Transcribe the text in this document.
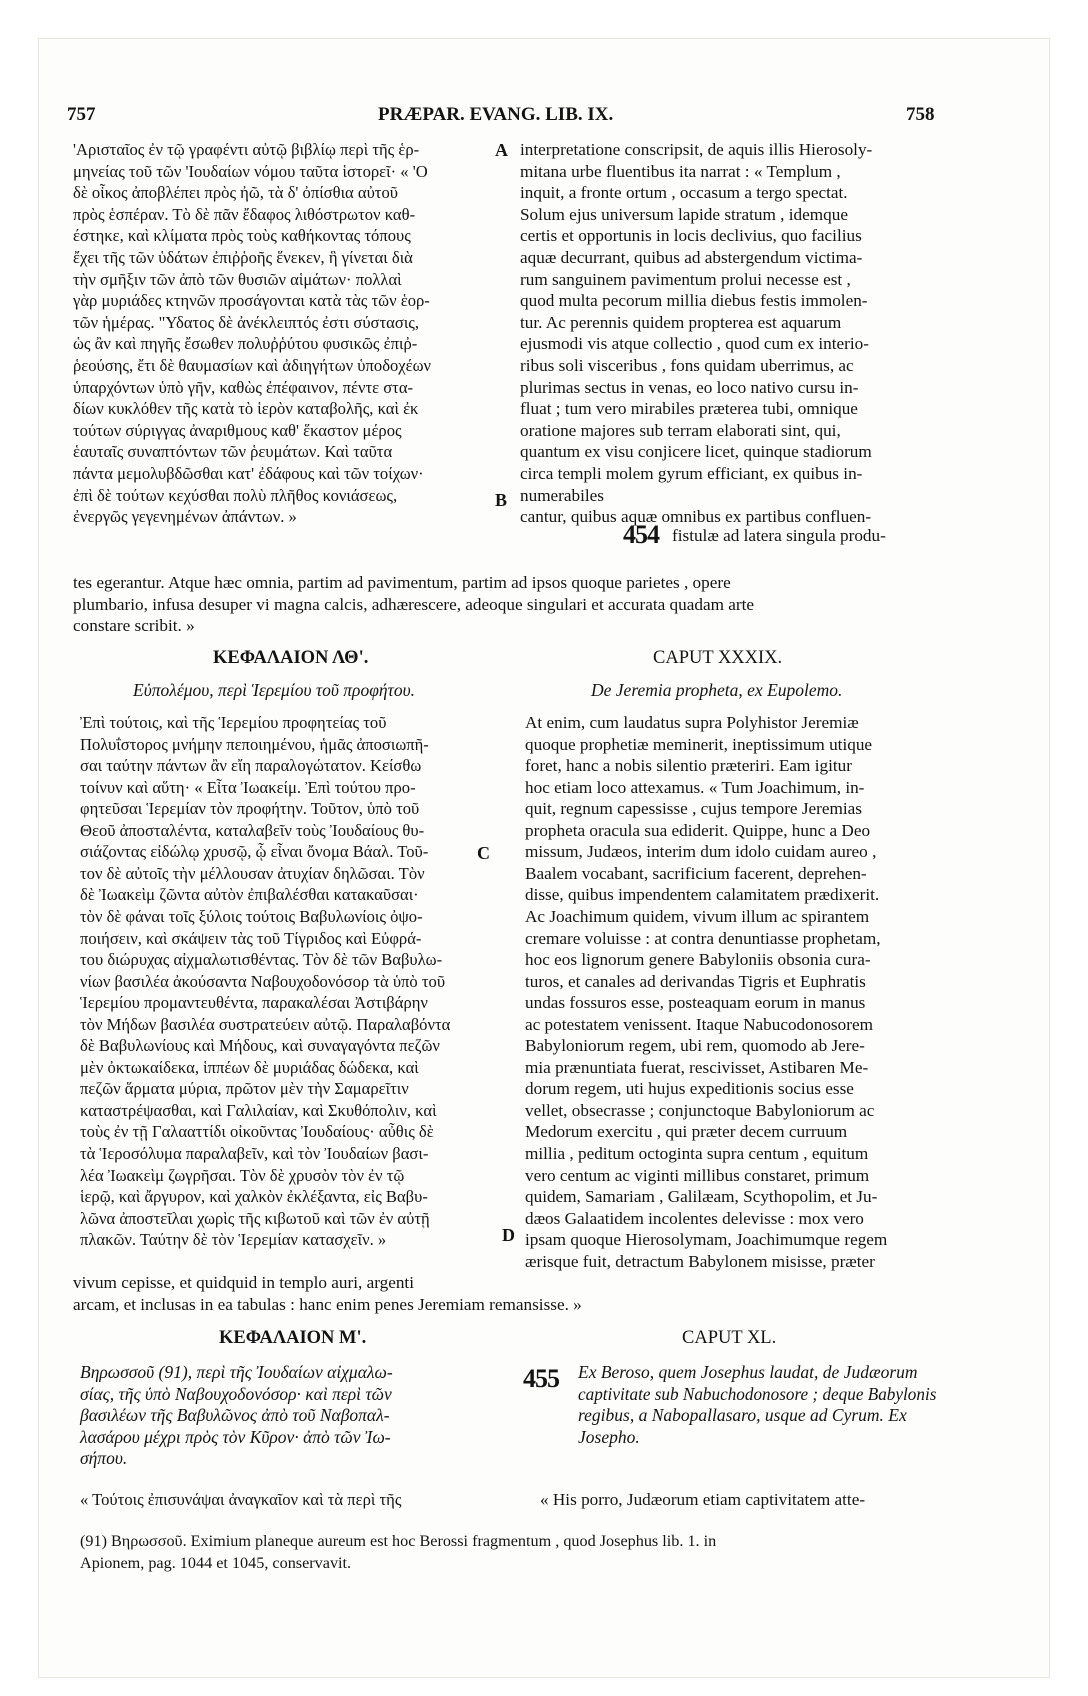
757	PRÆPAR. EVANG. LIB. IX.	758
'Αρισταῖος ἐν τῷ γραφέντι αὐτῷ βιβλίῳ περὶ τῆς ἑρ-
μηνείας τοῦ τῶν 'Ιουδαίων νόμου ταῦτα ἱστορεῖ· « 'Ο
δὲ οἶκος ἀποβλέπει πρὸς ἠῶ, τὰ δ' ὀπίσθια αὐτοῦ
πρὸς ἑσπέραν. Τὸ δὲ πᾶν ἔδαφος λιθόστρωτον καθ-
έστηκε, καὶ κλίματα πρὸς τοὺς καθήκοντας τόπους
ἔχει τῆς τῶν ὑδάτων ἐπιῤῥοῆς ἕνεκεν, ἣ γίνεται διὰ
τὴν σμῆξιν τῶν ἀπὸ τῶν θυσιῶν αἱμάτων· πολλαὶ
γὰρ μυριάδες κτηνῶν προσάγονται κατὰ τὰς τῶν ἑορ-
τῶν ἡμέρας. "Υδατος δὲ ἀνέκλειπτός ἐστι σύστασις,
ὡς ἂν καὶ πηγῆς ἔσωθεν πολυῤῥύτου φυσικῶς ἐπιῤ-
ῥεούσης, ἔτι δὲ θαυμασίων καὶ ἀδιηγήτων ὑποδοχέων
ὑπαρχόντων ὑπὸ γῆν, καθὼς ἐπέφαινον, πέντε στα-
δίων κυκλόθεν τῆς κατὰ τὸ ἱερὸν καταβολῆς, καὶ ἐκ
τούτων σύριγγας ἀναριθμους καθ' ἕκαστον μέρος
ἑαυταῖς συναπτόντων τῶν ῥευμάτων. Καὶ ταῦτα
πάντα μεμολυβδῶσθαι κατ' ἐδάφους καὶ τῶν τοίχων·
ἐπὶ δὲ τούτων κεχύσθαι πολὺ πλῆθος κονιάσεως,
ἐνεργῶς γεγενημένων ἀπάντων. »
interpretatione conscripsit, de aquis illis Hierosoly-
mitana urbe fluentibus ita narrat : « Templum ,
inquit, a fronte ortum , occasum a tergo spectat.
Solum ejus universum lapide stratum , idemque
certis et opportunis in locis declivius, quo facilius
aquæ decurrant, quibus ad abstergendum victima-
rum sanguinem pavimentum prolui necesse est ,
quod multa pecorum millia diebus festis immolen-
tur. Ac perennis quidem propterea est aquarum
ejusmodi vis atque collectio , quod cum ex interio-
ribus soli visceribus , fons quidam uberrimus, ac
plurimas sectus in venas, eo loco nativo cursu in-
fluat ; tum vero mirabiles præterea tubi, omnique
oratione majores sub terram elaborati sint, qui,
quantum ex visu conjicere licet, quinque stadiorum
circa templi molem gyrum efficiant, ex quibus in-
numerabiles
cantur, quibus aquæ omnibus ex partibus confluen-
454 fistulæ ad latera singula produ-
A
B
tes egerantur. Atque hæc omnia, partim ad pavimentum, partim ad ipsos quoque parietes , opere
plumbario, infusa desuper vi magna calcis, adhærescere, adeoque singulari et accurata quadam arte
constare scribit. »
ΚΕΦΑΛΑΙΟΝ ΛΘ'.	CAPUT XXXIX.
Εὐπολέμου, περὶ Ἱερεμίου τοῦ προφήτου.	De Jeremia propheta, ex Eupolemo.
Ἐπὶ τούτοις, καὶ τῆς Ἱερεμίου προφητείας τοῦ
Πολυΐστορος μνήμην πεποιημένου, ἡμᾶς ἀποσιωπῆ-
σαι ταύτην πάντων ἂν εἴη παραλογώτατον. Κείσθω
τοίνυν καὶ αὕτη· « Εἶτα Ἰωακείμ. Ἐπὶ τούτου προ-
φητεῦσαι Ἱερεμίαν τὸν προφήτην. Τοῦτον, ὑπὸ τοῦ
Θεοῦ ἀποσταλέντα, καταλαβεῖν τοὺς Ἰουδαίους θυ-
σιάζοντας εἰδώλῳ χρυσῷ, ᾧ εἶναι ὄνομα Βάαλ. Τοῦ-
τον δὲ αὐτοῖς τὴν μέλλουσαν ἀτυχίαν δηλῶσαι. Τὸν
δὲ Ἰωακεὶμ ζῶντα αὐτὸν ἐπιβαλέσθαι κατακαῦσαι·
τὸν δὲ φάναι τοῖς ξύλοις τούτοις Βαβυλωνίοις ὀψο-
ποιήσειν, καὶ σκάψειν τὰς τοῦ Τίγριδος καὶ Εὐφρά-
του διώρυχας αἰχμαλωτισθέντας. Τὸν δὲ τῶν Βαβυλω-
νίων βασιλέα ἀκούσαντα Ναβουχοδονόσορ τὰ ὑπὸ τοῦ
Ἱερεμίου προμαντευθέντα, παρακαλέσαι Ἀστιβάρην
τὸν Μήδων βασιλέα συστρατεύειν αὐτῷ. Παραλαβόντα
δὲ Βαβυλωνίους καὶ Μήδους, καὶ συναγαγόντα πεζῶν
μὲν ὀκτωκαίδεκα, ἱππέων δὲ μυριάδας δώδεκα, καὶ
πεζῶν ἅρματα μύρια, πρῶτον μὲν τὴν Σαμαρεῖτιν
καταστρέψασθαι, καὶ Γαλιλαίαν, καὶ Σκυθόπολιν, καὶ
τοὺς ἐν τῇ Γαλααττίδι οἰκοῦντας Ἰουδαίους· αὖθις δὲ
τὰ Ἱεροσόλυμα παραλαβεῖν, καὶ τὸν Ἰουδαίων βασι-
λέα Ἰωακεὶμ ζωγρῆσαι. Τὸν δὲ χρυσὸν τὸν ἐν τῷ
ἱερῷ, καὶ ἄργυρον, καὶ χαλκὸν ἐκλέξαντα, εἰς Βαβυ-
λῶνα ἀποστεῖλαι χωρὶς τῆς κιβωτοῦ καὶ τῶν ἐν αὐτῇ
πλακῶν. Ταύτην δὲ τὸν Ἱερεμίαν κατασχεῖν. »
At enim, cum laudatus supra Polyhistor Jeremiæ
quoque prophetiæ meminerit, ineptissimum utique
foret, hanc a nobis silentio præteriri. Eam igitur
hoc etiam loco attexamus. « Tum Joachimum, in-
quit, regnum capessisse , cujus tempore Jeremias
propheta oracula sua ediderit. Quippe, hunc a Deo
missum, Judæos, interim dum idolo cuidam aureo ,
Baalem vocabant, sacrificium facerent, deprehen-
disse, quibus impendentem calamitatem prædixerit.
Ac Joachimum quidem, vivum illum ac spirantem
cremare voluisse : at contra denuntiasse prophetam,
hoc eos lignorum genere Babyloniis obsonia cura-
turos, et canales ad derivandas Tigris et Euphratis
undas fossuros esse, posteaquam eorum in manus
ac potestatem venissent. Itaque Nabucodonosorem
Babyloniorum regem, ubi rem, quomodo ab Jere-
mia prænuntiata fuerat, rescivisset, Astibaren Me-
dorum regem, uti hujus expeditionis socius esse
vellet, obsecrasse ; conjunctoque Babyloniorum ac
Medorum exercitu , qui præter decem curruum
millia , peditum octoginta supra centum , equitum
vero centum ac viginti millibus constaret, primum
quidem, Samariam , Galilæam, Scythopolim, et Ju-
dæos Galaatidem incolentes delevisse : mox vero
ipsam quoque Hierosolymam, Joachimumque regem
ærisque fuit, detractum Babylonem misisse, præter
C
D
vivum cepisse, et quidquid in templo auri, argenti
arcam, et inclusas in ea tabulas : hanc enim penes Jeremiam remansisse. »
ΚΕΦΑΛΑΙΟΝ Μ'.	CAPUT XL.
Βηρωσσοῦ (91), περὶ τῆς Ἰουδαίων αἰχμαλω-
σίας, τῆς ὑπὸ Ναβουχοδονόσορ· καὶ περὶ τῶν
βασιλέων τῆς Βαβυλῶνος ἀπὸ τοῦ Ναβοπαλ-
λασάρου μέχρι πρὸς τὸν Κῦρον· ἀπὸ τῶν Ἰω-
σήπου.
455 Ex Beroso, quem Josephus laudat, de Judæorum
captivitate sub Nabuchodonosore ; deque Babylonis
regibus, a Nabopallasaro, usque ad Cyrum. Ex
Josepho.
« Τούτοις ἐπισυνάψαι ἀναγκαῖον καὶ τὰ περὶ τῆς	« His porro, Judæorum etiam captivitatem atte-
(91) Βηρωσσοῦ. Eximium planeque aureum est hoc Berossi fragmentum , quod Josephus lib. 1. in
Apionem, pag. 1044 et 1045, conservavit.
